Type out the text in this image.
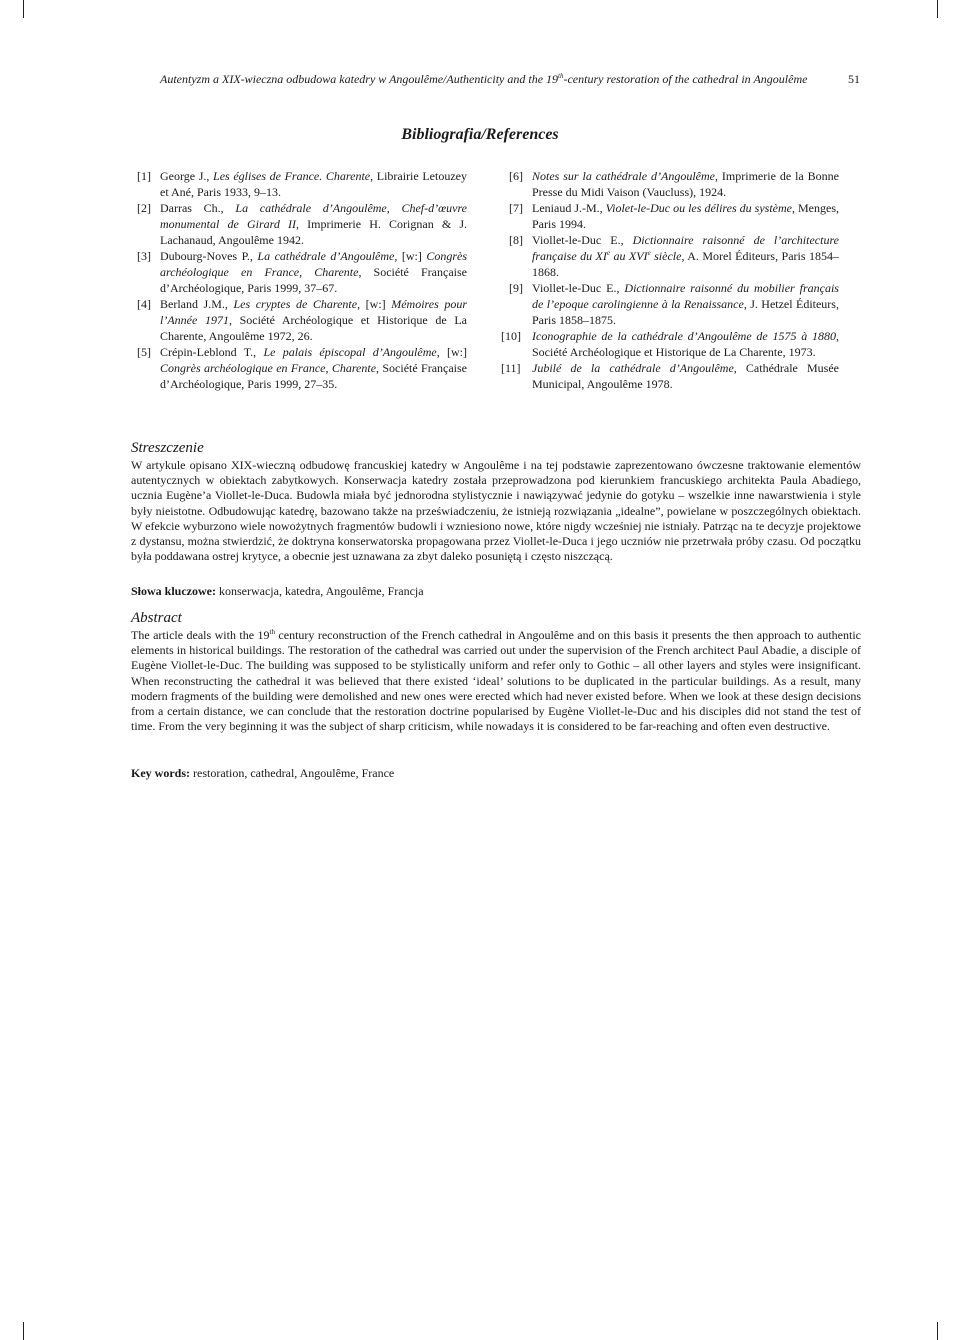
Autentyzm a XIX-wieczna odbudowa katedry w Angoulême/Authenticity and the 19th-century restoration of the cathedral in Angoulême	51
Bibliografia/References
[1] George J., Les églises de France. Charente, Librairie Letouzey et Ané, Paris 1933, 9–13.
[2] Darras Ch., La cathédrale d’Angoulême, Chef-d’œuvre monumental de Girard II, Imprimerie H. Corignan & J. Lachanaud, Angoulême 1942.
[3] Dubourg-Noves P., La cathédrale d’Angoulême, [w:] Congrès archéologique en France, Charente, Société Française d’Archéologique, Paris 1999, 37–67.
[4] Berland J.M., Les cryptes de Charente, [w:] Mémoires pour l’Année 1971, Société Archéologique et Historique de La Charente, Angoulême 1972, 26.
[5] Crépin-Leblond T., Le palais épiscopal d’Angoulême, [w:] Congrès archéologique en France, Charente, Société Française d’Archéologique, Paris 1999, 27–35.
[6] Notes sur la cathédrale d’Angoulême, Imprimerie de la Bonne Presse du Midi Vaison (Vaucluss), 1924.
[7] Leniaud J.-M., Violet-le-Duc ou les délires du système, Menges, Paris 1994.
[8] Viollet-le-Duc E., Dictionnaire raisonné de l’architecture française du XIe au XVIe siècle, A. Morel Éditeurs, Paris 1854–1868.
[9] Viollet-le-Duc E., Dictionnaire raisonné du mobilier français de l’epoque carolingienne à la Renaissance, J. Hetzel Éditeurs, Paris 1858–1875.
[10] Iconographie de la cathédrale d’Angoulême de 1575 à 1880, Société Archéologique et Historique de La Charente, 1973.
[11] Jubilé de la cathédrale d’Angoulême, Cathédrale Musée Municipal, Angoulême 1978.
Streszczenie

W artykule opisano XIX-wieczną odbudowę francuskiej katedry w Angoulême i na tej podstawie zaprezentowano ówczesne traktowanie elementów autentycznych w obiektach zabytkowych. Konserwacja katedry została przeprowadzona pod kierunkiem francuskiego architekta Paula Abadiego, ucznia Eugène’a Viollet-le-Duca. Budowla miała być jednorodna stylistycznie i nawiązywać jedynie do gotyku – wszelkie inne nawarstwienia i style były nieistotne. Odbudowując katedrę, bazowano także na przeświadczeniu, że istnieją rozwiązania „idealne”, powielane w poszczególnych obiektach. W efekcie wyburzono wiele nowożytnych fragmentów budowli i wzniesiono nowe, które nigdy wcześniej nie istniały. Patrząc na te decyzje projektowe z dystansu, można stwierdzić, że doktryna konserwatorska propagowana przez Viollet-le-Duca i jego uczniów nie przetrwała próby czasu. Od początku była poddawana ostrej krytyce, a obecnie jest uznawana za zbyt daleko posuniętą i często niszczącą.

Słowa kluczowe: konserwacja, katedra, Angoulême, Francja
Abstract

The article deals with the 19th century reconstruction of the French cathedral in Angoulême and on this basis it presents the then approach to authentic elements in historical buildings. The restoration of the cathedral was carried out under the supervision of the French architect Paul Abadie, a disciple of Eugène Viollet-le-Duc. The building was supposed to be stylistically uniform and refer only to Gothic – all other layers and styles were insignificant. When reconstructing the cathedral it was believed that there existed ‘ideal’ solutions to be duplicated in the particular buildings. As a result, many modern fragments of the building were demolished and new ones were erected which had never existed before. When we look at these design decisions from a certain distance, we can conclude that the restoration doctrine popularised by Eugène Viollet-le-Duc and his disciples did not stand the test of time. From the very beginning it was the subject of sharp criticism, while nowadays it is considered to be far-reaching and often even destructive.

Key words: restoration, cathedral, Angoulême, France
